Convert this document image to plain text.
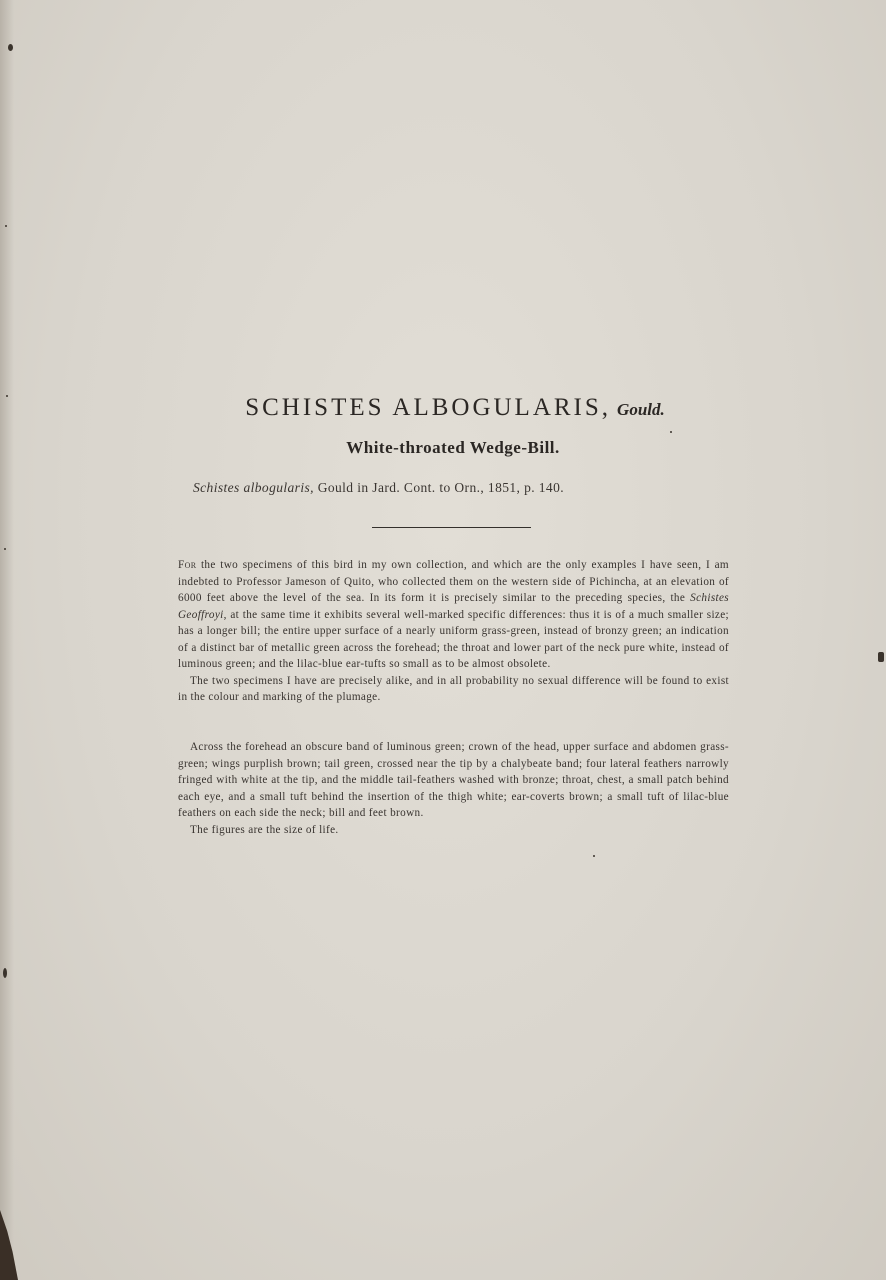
SCHISTES ALBOGULARIS, Gould.
White-throated Wedge-Bill.
Schistes albogularis, Gould in Jard. Cont. to Orn., 1851, p. 140.

For the two specimens of this bird in my own collection, and which are the only examples I have seen, I am indebted to Professor Jameson of Quito, who collected them on the western side of Pichincha, at an elevation of 6000 feet above the level of the sea. In its form it is precisely similar to the preceding species, the Schistes Geoffroyi, at the same time it exhibits several well-marked specific differences: thus it is of a much smaller size; has a longer bill; the entire upper surface of a nearly uniform grass-green, instead of bronzy green; an indication of a distinct bar of metallic green across the forehead; the throat and lower part of the neck pure white, instead of luminous green; and the lilac-blue ear-tufts so small as to be almost obsolete.

The two specimens I have are precisely alike, and in all probability no sexual difference will be found to exist in the colour and marking of the plumage.

Across the forehead an obscure band of luminous green; crown of the head, upper surface and abdomen grass-green; wings purplish brown; tail green, crossed near the tip by a chalybeate band; four lateral feathers narrowly fringed with white at the tip, and the middle tail-feathers washed with bronze; throat, chest, a small patch behind each eye, and a small tuft behind the insertion of the thigh white; ear-coverts brown; a small tuft of lilac-blue feathers on each side the neck; bill and feet brown.

The figures are the size of life.
